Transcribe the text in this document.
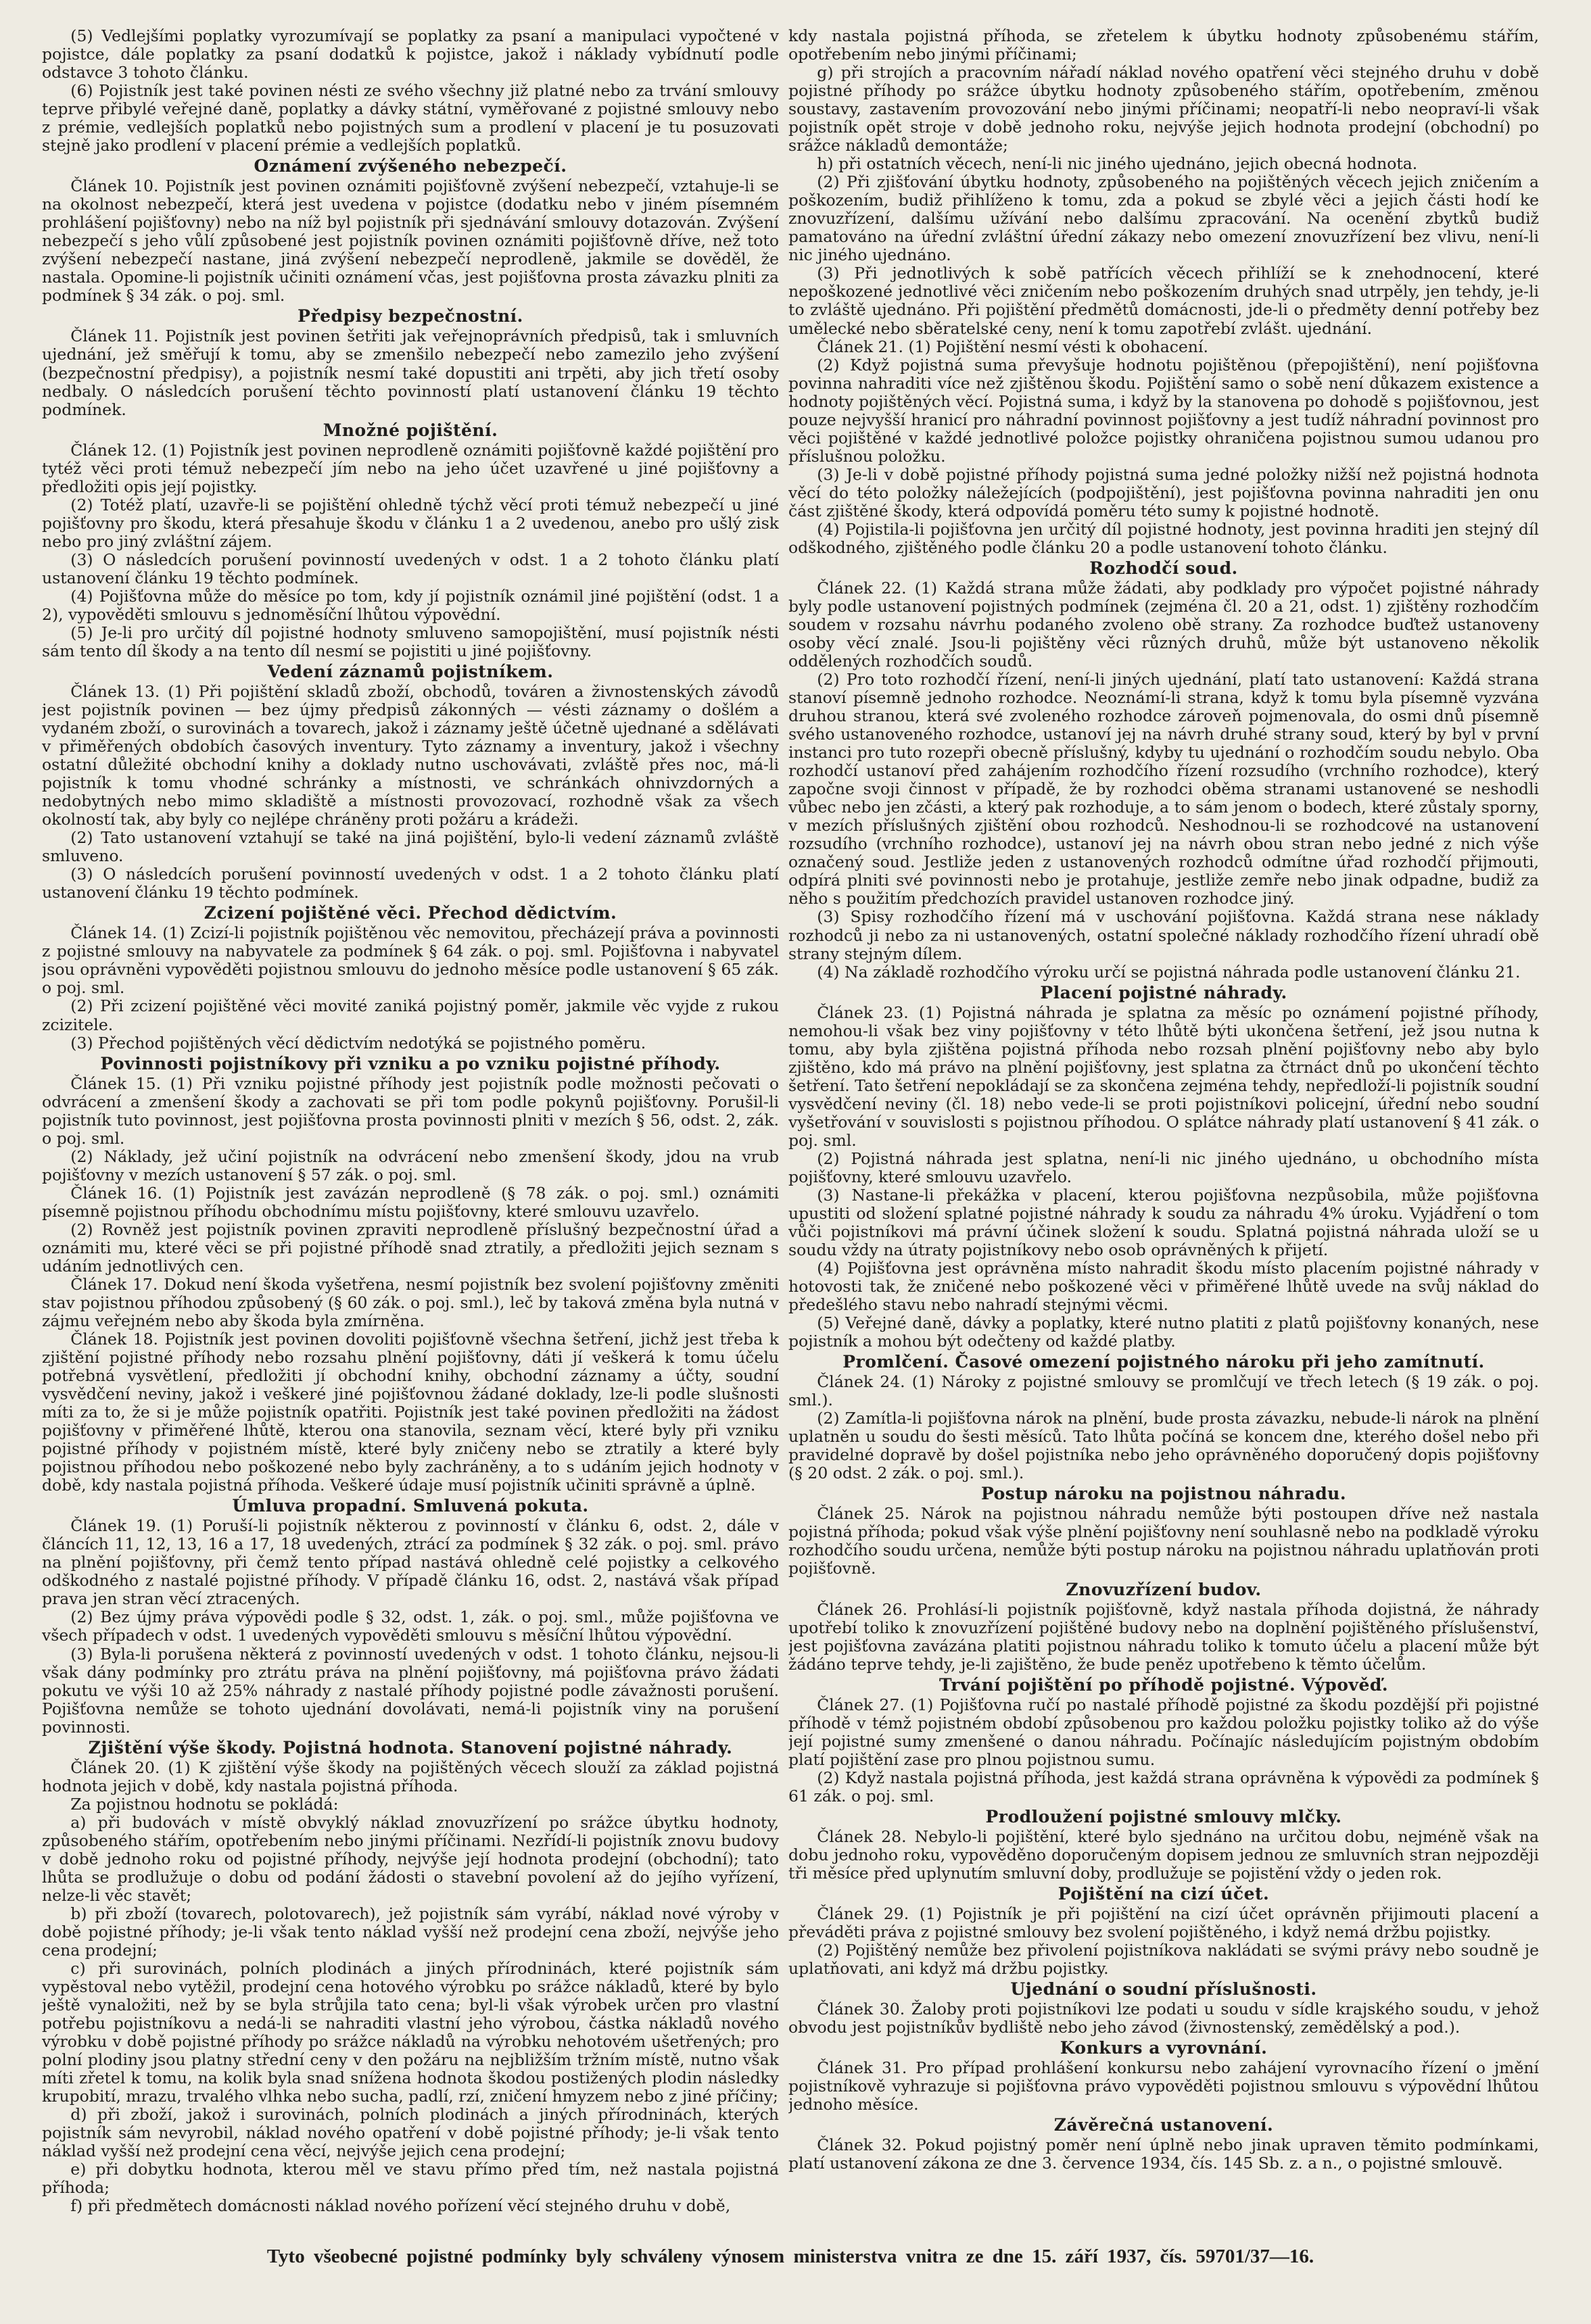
(5) Vedlejšími poplatky vyrozumívají se poplatky za psaní a manipulaci vypočtené v pojistce, dále poplatky za psaní dodatků k pojistce, jakož i náklady vybídnutí podle odstavce 3 tohoto článku.

(6) Pojistník jest také povinen nésti ze svého všechny již platné nebo za trvání smlouvy teprve přibylé veřejné daně, poplatky a dávky státní, vyměřované z pojistné smlouvy nebo z prémie, vedlejších poplatků nebo pojistných sum a prodlení v placení je tu posuzovati stejně jako prodlení v placení prémie a vedlejších poplatků.

Oznámení zvýšeného nebezpečí.

Článek 10. Pojistník jest povinen oznámiti pojišťovně zvýšení nebezpečí, vztahuje-li se na okolnost nebezpečí, která jest uvedena v pojistce (dodatku nebo v jiném písemném prohlášení pojišťovny) nebo na níž byl pojistník při sjednávání smlouvy dotazován. Zvýšení nebezpečí s jeho vůlí způsobené jest pojistník povinen oznámiti pojišťovně dříve, než toto zvýšení nebezpečí nastane, jiná zvýšení nebezpečí neprodleně, jakmile se dověděl, že nastala. Opomine-li pojistník učiniti oznámení včas, jest pojišťovna prosta závazku plniti za podmínek § 34 zák. o poj. sml.

Předpisy bezpečnostní.

Článek 11. Pojistník jest povinen šetřiti jak veřejnoprávních předpisů, tak i smluvních ujednání, jež směřují k tomu, aby se zmenšilo nebezpečí nebo zamezilo jeho zvýšení (bezpečnostní předpisy), a pojistník nesmí také dopustiti ani trpěti, aby jich třetí osoby nedbaly. O následcích porušení těchto povinností platí ustanovení článku 19 těchto podmínek.

Množné pojištění.

Článek 12. (1) Pojistník jest povinen neprodleně oznámiti pojišťovně každé pojištění pro tytéž věci proti témuž nebezpečí jím nebo na jeho účet uzavřené u jiné pojišťovny a předložiti opis její pojistky.

(2) Totéž platí, uzavře-li se pojištění ohledně týchž věcí proti témuž nebezpečí u jiné pojišťovny pro škodu, která přesahuje škodu v článku 1 a 2 uvedenou, anebo pro ušlý zisk nebo pro jiný zvláštní zájem.

(3) O následcích porušení povinností uvedených v odst. 1 a 2 tohoto článku platí ustanovení článku 19 těchto podmínek.

(4) Pojišťovna může do měsíce po tom, kdy jí pojistník oznámil jiné pojištění (odst. 1 a 2), vypověděti smlouvu s jednoměsíční lhůtou výpovědní.

(5) Je-li pro určitý díl pojistné hodnoty smluveno samopojištění, musí pojistník nésti sám tento díl škody a na tento díl nesmí se pojistiti u jiné pojišťovny.

Vedení záznamů pojistníkem.

Článek 13. (1) Při pojištění skladů zboží, obchodů, továren a živnostenských závodů jest pojistník povinen — bez újmy předpisů zákonných — vésti záznamy o došlém a vydaném zboží, o surovinách a tovarech, jakož i záznamy ještě účetně ujednané a sdělávati v přiměřených obdobích časových inventury. Tyto záznamy a inventury, jakož i všechny ostatní důležité obchodní knihy a doklady nutno uschovávati, zvláště přes noc, má-li pojistník k tomu vhodné schránky a místnosti, ve schránkách ohnivzdorných a nedobytných nebo mimo skladiště a místnosti provozovací, rozhodně však za všech okolností tak, aby byly co nejlépe chráněny proti požáru a krádeži.

(2) Tato ustanovení vztahují se také na jiná pojištění, bylo-li vedení záznamů zvláště smluveno.

(3) O následcích porušení povinností uvedených v odst. 1 a 2 tohoto článku platí ustanovení článku 19 těchto podmínek.

Zcizení pojištěné věci. Přechod dědictvím.

Článek 14. (1) Zcizí-li pojistník pojištěnou věc nemovitou, přecházejí práva a povinnosti z pojistné smlouvy na nabyvatele za podmínek § 64 zák. o poj. sml. Pojišťovna i nabyvatel jsou oprávněni vypověděti pojistnou smlouvu do jednoho měsíce podle ustanovení § 65 zák. o poj. sml.

(2) Při zcizení pojištěné věci movité zaniká pojistný poměr, jakmile věc vyjde z rukou zcizitele.

(3) Přechod pojištěných věcí dědictvím nedotýká se pojistného poměru.

Povinnosti pojistníkovy při vzniku a po vzniku pojistné příhody.

Článek 15. (1) Při vzniku pojistné příhody jest pojistník podle možnosti pečovati o odvrácení a zmenšení škody a zachovati se při tom podle pokynů pojišťovny. Porušil-li pojistník tuto povinnost, jest pojišťovna prosta povinnosti plniti v mezích § 56, odst. 2, zák. o poj. sml.

(2) Náklady, jež učiní pojistník na odvrácení nebo zmenšení škody, jdou na vrub pojišťovny v mezích ustanovení § 57 zák. o poj. sml.

Článek 16. (1) Pojistník jest zavázán neprodleně (§ 78 zák. o poj. sml.) oznámiti písemně pojistnou příhodu obchodnímu místu pojišťovny, které smlouvu uzavřelo.

(2) Rovněž jest pojistník povinen zpraviti neprodleně příslušný bezpečnostní úřad a oznámiti mu, které věci se při pojistné příhodě snad ztratily, a předložiti jejich seznam s udáním jednotlivých cen.

Článek 17. Dokud není škoda vyšetřena, nesmí pojistník bez svolení pojišťovny změniti stav pojistnou příhodou způsobený (§ 60 zák. o poj. sml.), leč by taková změna byla nutná v zájmu veřejném nebo aby škoda byla zmírněna.

Článek 18. Pojistník jest povinen dovoliti pojišťovně všechna šetření, jichž jest třeba k zjištění pojistné příhody nebo rozsahu plnění pojišťovny, dáti jí veškerá k tomu účelu potřebná vysvětlení, předložiti jí obchodní knihy, obchodní záznamy a účty, soudní vysvědčení neviny, jakož i veškeré jiné pojišťovnou žádané doklady, lze-li podle slušnosti míti za to, že si je může pojistník opatřiti. Pojistník jest také povinen předložiti na žádost pojišťovny v přiměřené lhůtě, kterou ona stanovila, seznam věcí, které byly při vzniku pojistné příhody v pojistném místě, které byly zničeny nebo se ztratily a které byly pojistnou příhodou nebo poškozené nebo byly zachráněny, a to s udáním jejich hodnoty v době, kdy nastala pojistná příhoda. Veškeré údaje musí pojistník učiniti správně a úplně.

Úmluva propadní. Smluvená pokuta.

Článek 19. (1) Poruší-li pojistník některou z povinností v článku 6, odst. 2, dále v článcích 11, 12, 13, 16 a 17, 18 uvedených, ztrácí za podmínek § 32 zák. o poj. sml. právo na plnění pojišťovny, při čemž tento případ nastává ohledně celé pojistky a celkového odškodného z nastalé pojistné příhody. V případě článku 16, odst. 2, nastává však případ prava jen stran věcí ztracených.

(2) Bez újmy práva výpovědi podle § 32, odst. 1, zák. o poj. sml., může pojišťovna ve všech případech v odst. 1 uvedených vypověděti smlouvu s měsíční lhůtou výpovědní.

(3) Byla-li porušena některá z povinností uvedených v odst. 1 tohoto článku, nejsou-li však dány podmínky pro ztrátu práva na plnění pojišťovny, má pojišťovna právo žádati pokutu ve výši 10 až 25% náhrady z nastalé příhody pojistné podle závažnosti porušení. Pojišťovna nemůže se tohoto ujednání dovolávati, nemá-li pojistník viny na porušení povinnosti.

Zjištění výše škody. Pojistná hodnota. Stanovení pojistné náhrady.

Článek 20. (1) K zjištění výše škody na pojištěných věcech slouží za základ pojistná hodnota jejich v době, kdy nastala pojistná příhoda.

Za pojistnou hodnotu se pokládá:

a) při budovách v místě obvyklý náklad znovuzřízení po srážce úbytku hodnoty, způsobeného stářím, opotřebením nebo jinými příčinami. Nezřídí-li pojistník znovu budovy v době jednoho roku od pojistné příhody, nejvýše její hodnota prodejní (obchodní); tato lhůta se prodlužuje o dobu od podání žádosti o stavební povolení až do jejího vyřízení, nelze-li věc stavět;

b) při zboží (tovarech, polotovarech), jež pojistník sám vyrábí, náklad nové výroby v době pojistné příhody; je-li však tento náklad vyšší než prodejní cena zboží, nejvýše jeho cena prodejní;

c) při surovinách, polních plodinách a jiných přírodninách, které pojistník sám vypěstoval nebo vytěžil, prodejní cena hotového výrobku po srážce nákladů, které by bylo ještě vynaložiti, než by se byla strůjila tato cena; byl-li však výrobek určen pro vlastní potřebu pojistníkovu a nedá-li se nahraditi vlastní jeho výrobou, částka nákladů nového výrobku v době pojistné příhody po srážce nákladů na výrobku nehotovém ušetřených; pro polní plodiny jsou platny střední ceny v den požáru na nejbližším tržním místě, nutno však míti zřetel k tomu, na kolik byla snad snížena hodnota škodou postižených plodin následky krupobití, mrazu, trvalého vlhka nebo sucha, padlí, rzí, zničení hmyzem nebo z jiné příčiny;

d) při zboží, jakož i surovinách, polních plodinách a jiných přírodninách, kterých pojistník sám nevyrobil, náklad nového opatření v době pojistné příhody; je-li však tento náklad vyšší než prodejní cena věcí, nejvýše jejich cena prodejní;

e) při dobytku hodnota, kterou měl ve stavu přímo před tím, než nastala pojistná příhoda;

f) při předmětech domácnosti náklad nového pořízení věcí stejného druhu v době,

kdy nastala pojistná příhoda, se zřetelem k úbytku hodnoty způsobenému stářím, opotřebením nebo jinými příčinami;

g) při strojích a pracovním nářadí náklad nového opatření věci stejného druhu v době pojistné příhody po srážce úbytku hodnoty způsobeného stářím, opotřebením, změnou soustavy, zastavením provozování nebo jinými příčinami; neopatří-li nebo neopraví-li však pojistník opět stroje v době jednoho roku, nejvýše jejich hodnota prodejní (obchodní) po srážce nákladů demontáže;

h) při ostatních věcech, není-li nic jiného ujednáno, jejich obecná hodnota.

(2) Při zjišťování úbytku hodnoty, způsobeného na pojištěných věcech jejich zničením a poškozením, budiž přihlíženo k tomu, zda a pokud se zbylé věci a jejich části hodí ke znovuzřízení, dalšímu užívání nebo dalšímu zpracování. Na ocenění zbytků budiž pamatováno na úřední zvláštní úřední zákazy nebo omezení znovuzřízení bez vlivu, není-li nic jiného ujednáno.

(3) Při jednotlivých k sobě patřících věcech přihlíží se k znehodnocení, které nepoškozené jednotlivé věci zničením nebo poškozením druhých snad utrpěly, jen tehdy, je-li to zvláště ujednáno. Při pojištění předmětů domácnosti, jde-li o předměty denní potřeby bez umělecké nebo sběratelské ceny, není k tomu zapotřebí zvlášt. ujednání.

Článek 21. (1) Pojištění nesmí vésti k obohacení.

(2) Když pojistná suma převyšuje hodnotu pojištěnou (přepojištění), není pojišťovna povinna nahraditi více než zjištěnou škodu. Pojištění samo o sobě není důkazem existence a hodnoty pojištěných věcí. Pojistná suma, i když by la stanovena po dohodě s pojišťovnou, jest pouze nejvyšší hranicí pro náhradní povinnost pojišťovny a jest tudíž náhradní povinnost pro věci pojištěné v každé jednotlivé položce pojistky ohraničena pojistnou sumou udanou pro příslušnou položku.

(3) Je-li v době pojistné příhody pojistná suma jedné položky nižší než pojistná hodnota věcí do této položky náležejících (podpojištění), jest pojišťovna povinna nahraditi jen onu část zjištěné škody, která odpovídá poměru této sumy k pojistné hodnotě.

(4) Pojistila-li pojišťovna jen určitý díl pojistné hodnoty, jest povinna hraditi jen stejný díl odškodného, zjištěného podle článku 20 a podle ustanovení tohoto článku.

Rozhodčí soud.

Článek 22. (1) Každá strana může žádati, aby podklady pro výpočet pojistné náhrady byly podle ustanovení pojistných podmínek (zejména čl. 20 a 21, odst. 1) zjištěny rozhodčím soudem v rozsahu návrhu podaného zvoleno obě strany. Za rozhodce buďtež ustanoveny osoby věcí znalé. Jsou-li pojištěny věci různých druhů, může být ustanoveno několik oddělených rozhodčích soudů.

(2) Pro toto rozhodčí řízení, není-li jiných ujednání, platí tato ustanovení: Každá strana stanoví písemně jednoho rozhodce. Neoznámí-li strana, když k tomu byla písemně vyzvána druhou stranou, která své zvoleného rozhodce zároveň pojmenovala, do osmi dnů písemně svého ustanoveného rozhodce, ustanoví jej na návrh druhé strany soud, který by byl v první instanci pro tuto rozepři obecně příslušný, kdyby tu ujednání o rozhodčím soudu nebylo. Oba rozhodčí ustanoví před zahájením rozhodčího řízení rozsudího (vrchního rozhodce), který započne svoji činnost v případě, že by rozhodci oběma stranami ustanovené se neshodli vůbec nebo jen zčásti, a který pak rozhoduje, a to sám jenom o bodech, které zůstaly sporny, v mezích příslušných zjištění obou rozhodců. Neshodnou-li se rozhodcové na ustanovení rozsudího (vrchního rozhodce), ustanoví jej na návrh obou stran nebo jedné z nich výše označený soud. Jestliže jeden z ustanovených rozhodců odmítne úřad rozhodčí přijmouti, odpírá plniti své povinnosti nebo je protahuje, jestliže zemře nebo jinak odpadne, budiž za něho s použitím předchozích pravidel ustanoven rozhodce jiný.

(3) Spisy rozhodčího řízení má v uschování pojišťovna. Každá strana nese náklady rozhodců ji nebo za ni ustanovených, ostatní společné náklady rozhodčího řízení uhradí obě strany stejným dílem.

(4) Na základě rozhodčího výroku určí se pojistná náhrada podle ustanovení článku 21.

Placení pojistné náhrady.

Článek 23. (1) Pojistná náhrada je splatna za měsíc po oznámení pojistné příhody, nemohou-li však bez viny pojišťovny v této lhůtě býti ukončena šetření, jež jsou nutna k tomu, aby byla zjištěna pojistná příhoda nebo rozsah plnění pojišťovny nebo aby bylo zjištěno, kdo má právo na plnění pojišťovny, jest splatna za čtrnáct dnů po ukončení těchto šetření. Tato šetření nepokládají se za skončena zejména tehdy, nepředloží-li pojistník soudní vysvědčení neviny (čl. 18) nebo vede-li se proti pojistníkovi policejní, úřední nebo soudní vyšetřování v souvislosti s pojistnou příhodou. O splátce náhrady platí ustanovení § 41 zák. o poj. sml.

(2) Pojistná náhrada jest splatna, není-li nic jiného ujednáno, u obchodního místa pojišťovny, které smlouvu uzavřelo.

(3) Nastane-li překážka v placení, kterou pojišťovna nezpůsobila, může pojišťovna upustiti od složení splatné pojistné náhrady k soudu za náhradu 4% úroku. Vyjádření o tom vůči pojistníkovi má právní účinek složení k soudu. Splatná pojistná náhrada uloží se u soudu vždy na útraty pojistníkovy nebo osob oprávněných k přijetí.

(4) Pojišťovna jest oprávněna místo nahradit škodu místo placením pojistné náhrady v hotovosti tak, že zničené nebo poškozené věci v přiměřené lhůtě uvede na svůj náklad do předešlého stavu nebo nahradí stejnými věcmi.

(5) Veřejné daně, dávky a poplatky, které nutno platiti z platů pojišťovny konaných, nese pojistník a mohou být odečteny od každé platby.

Promlčení. Časové omezení pojistného nároku při jeho zamítnutí.

Článek 24. (1) Nároky z pojistné smlouvy se promlčují ve třech letech (§ 19 zák. o poj. sml.).

(2) Zamítla-li pojišťovna nárok na plnění, bude prosta závazku, nebude-li nárok na plnění uplatněn u soudu do šesti měsíců. Tato lhůta počíná se koncem dne, kterého došel nebo při pravidelné dopravě by došel pojistníka nebo jeho oprávněného doporučený dopis pojišťovny (§ 20 odst. 2 zák. o poj. sml.).

Postup nároku na pojistnou náhradu.

Článek 25. Nárok na pojistnou náhradu nemůže býti postoupen dříve než nastala pojistná příhoda; pokud však výše plnění pojišťovny není souhlasně nebo na podkladě výroku rozhodčího soudu určena, nemůže býti postup nároku na pojistnou náhradu uplatňován proti pojišťovně.

Znovuzřízení budov.

Článek 26. Prohlásí-li pojistník pojišťovně, když nastala příhoda dojistná, že náhrady upotřebí toliko k znovuzřízení pojištěné budovy nebo na doplnění pojištěného příslušenství, jest pojišťovna zavázána platiti pojistnou náhradu toliko k tomuto účelu a placení může být žádáno teprve tehdy, je-li zajištěno, že bude peněz upotřebeno k těmto účelům.

Trvání pojištění po příhodě pojistné. Výpověď.

Článek 27. (1) Pojišťovna ručí po nastalé příhodě pojistné za škodu pozdější při pojistné příhodě v témž pojistném období způsobenou pro každou položku pojistky toliko až do výše její pojistné sumy zmenšené o danou náhradu. Počínajíc následujícím pojistným obdobím platí pojištění zase pro plnou pojistnou sumu.

(2) Když nastala pojistná příhoda, jest každá strana oprávněna k výpovědi za podmínek § 61 zák. o poj. sml.

Prodloužení pojistné smlouvy mlčky.

Článek 28. Nebylo-li pojištění, které bylo sjednáno na určitou dobu, nejméně však na dobu jednoho roku, vypověděno doporučeným dopisem jednou ze smluvních stran nejpozději tři měsíce před uplynutím smluvní doby, prodlužuje se pojistění vždy o jeden rok.

Pojištění na cizí účet.

Článek 29. (1) Pojistník je při pojištění na cizí účet oprávněn přijimouti placení a převáděti práva z pojistné smlouvy bez svolení pojištěného, i když nemá držbu pojistky.

(2) Pojištěný nemůže bez přivolení pojistníkova nakládati se svými právy nebo soudně je uplatňovati, ani když má držbu pojistky.

Ujednání o soudní příslušnosti.

Článek 30. Žaloby proti pojistníkovi lze podati u soudu v sídle krajského soudu, v jehož obvodu jest pojistníkův bydliště nebo jeho závod (živnostenský, zemědělský a pod.).

Konkurs a vyrovnání.

Článek 31. Pro případ prohlášení konkursu nebo zahájení vyrovnacího řízení o jmění pojistníkově vyhrazuje si pojišťovna právo vypověděti pojistnou smlouvu s výpovědní lhůtou jednoho měsíce.

Závěrečná ustanovení.

Článek 32. Pokud pojistný poměr není úplně nebo jinak upraven těmito podmínkami, platí ustanovení zákona ze dne 3. července 1934, čís. 145 Sb. z. a n., o pojistné smlouvě.

Tyto všeobecné pojistné podmínky byly schváleny výnosem ministerstva vnitra ze dne 15. září 1937, čís. 59701/37—16.
